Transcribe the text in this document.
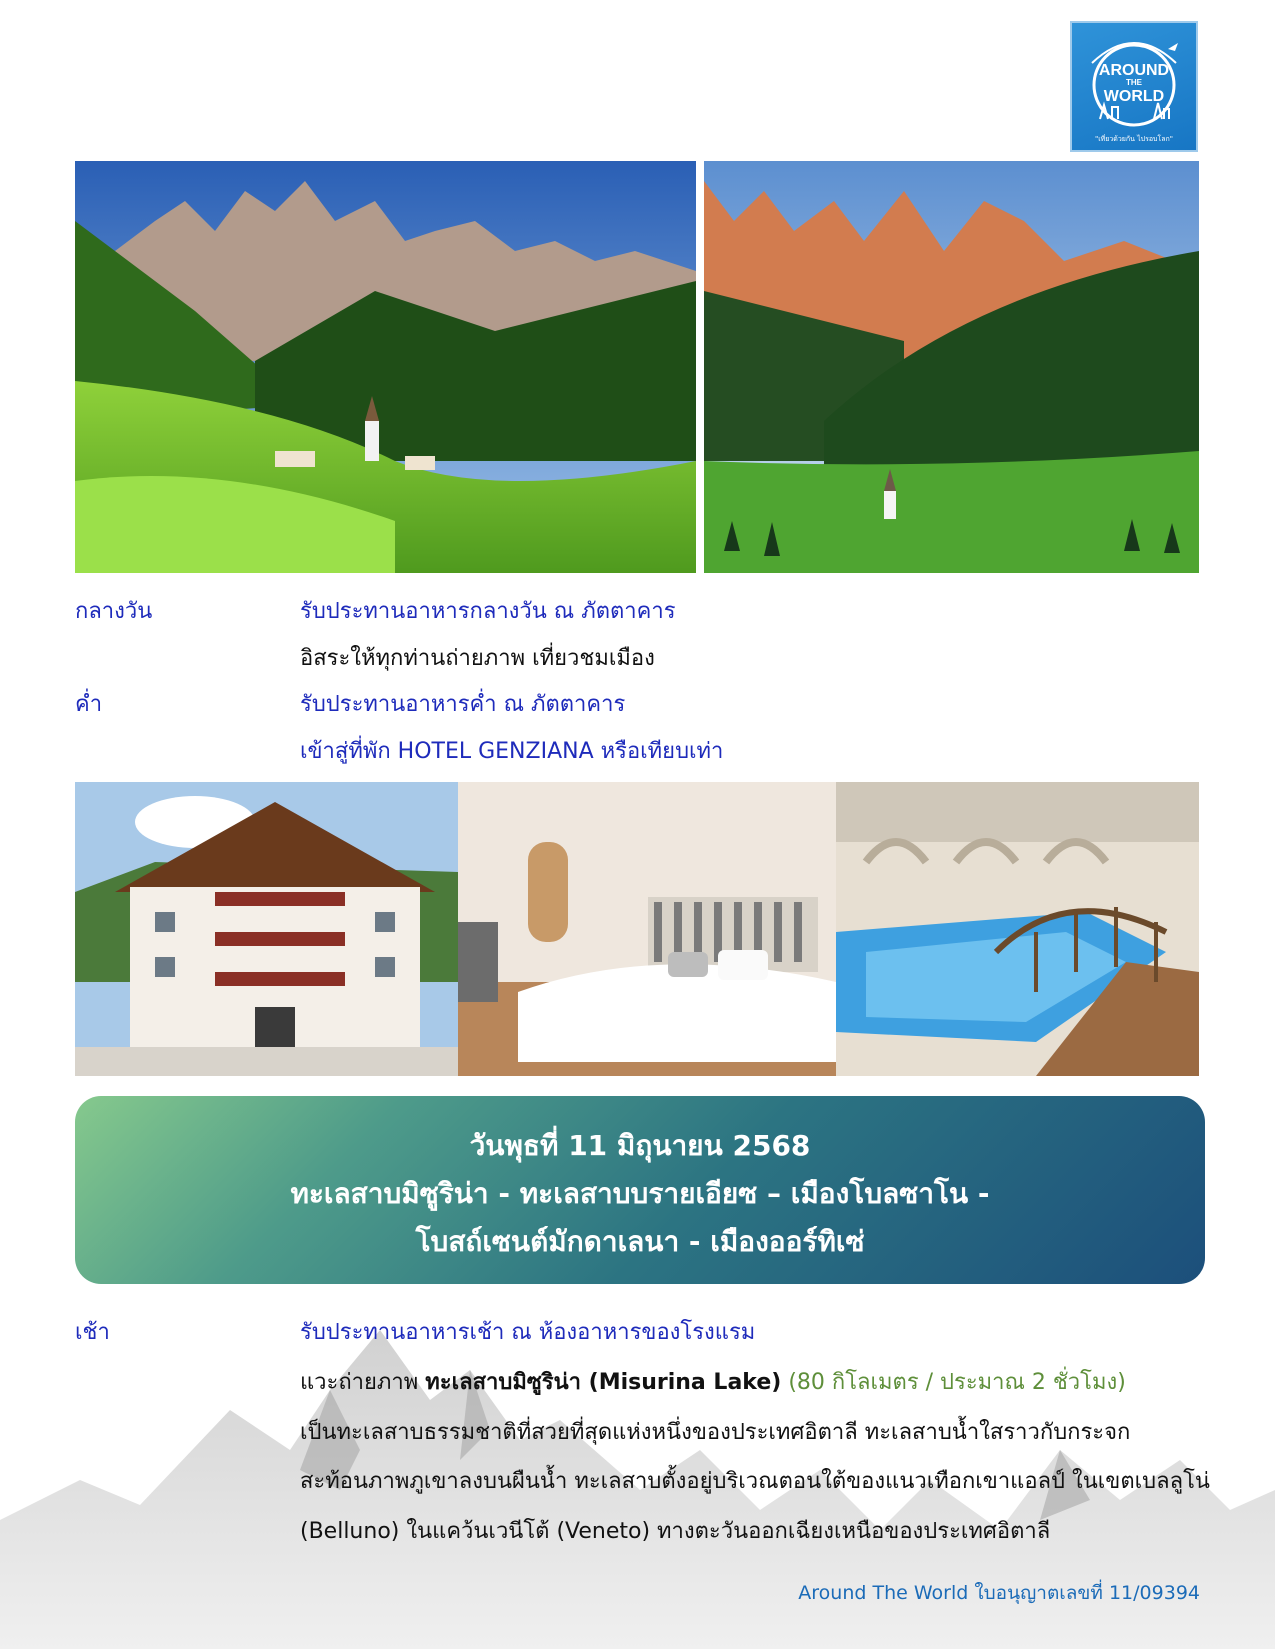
AROUND
THE
WORLD
"เที่ยวด้วยกัน ไปรอบโลก"
กลางวัน	รับประทานอาหารกลางวัน ณ ภัตตาคาร
อิสระให้ทุกท่านถ่ายภาพ เที่ยวชมเมือง
ค่ำ	รับประทานอาหารค่ำ ณ ภัตตาคาร
เข้าสู่ที่พัก HOTEL GENZIANA หรือเทียบเท่า
วันพุธที่ 11 มิถุนายน 2568
ทะเลสาบมิซูริน่า - ทะเลสาบบรายเอียซ – เมืองโบลซาโน -
โบสถ์เซนต์มักดาเลนา - เมืองออร์ทิเซ่
เช้า	รับประทานอาหารเช้า ณ ห้องอาหารของโรงแรม
แวะถ่ายภาพ ทะเลสาบมิซูริน่า (Misurina Lake) (80 กิโลเมตร / ประมาณ 2 ชั่วโมง)
เป็นทะเลสาบธรรมชาติที่สวยที่สุดแห่งหนึ่งของประเทศอิตาลี ทะเลสาบน้ำใสราวกับกระจก
สะท้อนภาพภูเขาลงบนผืนน้ำ ทะเลสาบตั้งอยู่บริเวณตอนใต้ของแนวเทือกเขาแอลป์ ในเขตเบลลูโน่
(Belluno) ในแคว้นเวนีโต้ (Veneto) ทางตะวันออกเฉียงเหนือของประเทศอิตาลี
Around The World ใบอนุญาตเลขที่ 11/09394
